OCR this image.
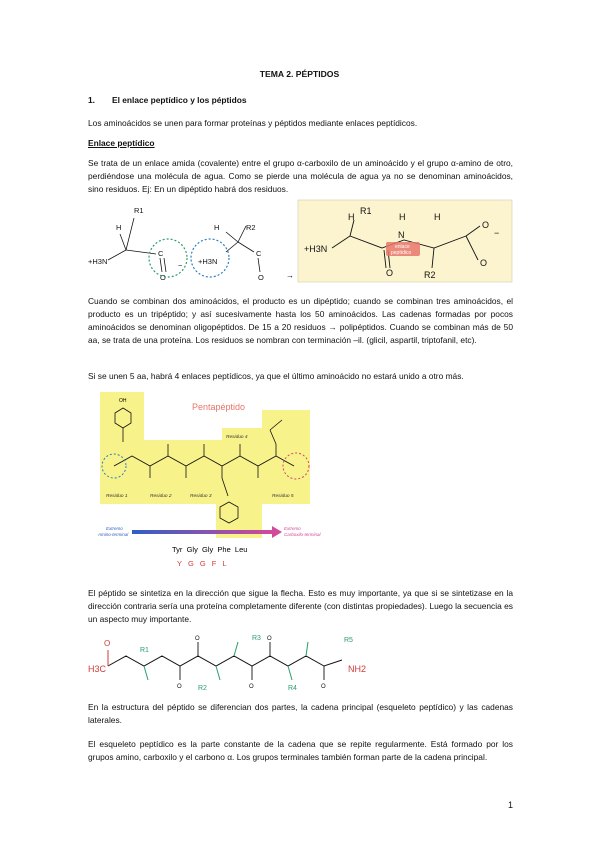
TEMA 2. PÉPTIDOS
1. El enlace peptídico y los péptidos
Los aminoácidos se unen para formar proteínas y péptidos mediante enlaces peptídicos.
Enlace peptídico
Se trata de un enlace amida (covalente) entre el grupo α-carboxilo de un aminoácido y el grupo α-amino de otro, perdiéndose una molécula de agua. Como se pierde una molécula de agua ya no se denominan aminoácidos, sino residuos. Ej: En un dipéptido habrá dos residuos.
H
R1
+H3N
C
O
−
H	R2
+H3N
C
O	→
+H3N
H
R1
O
N
H	H
O
−
O
R2
enlace
peptídico
Cuando se combinan dos aminoácidos, el producto es un dipéptido; cuando se combinan tres aminoácidos, el producto es un tripéptido; y así sucesivamente hasta los 50 aminoácidos. Las cadenas formadas por pocos aminoácidos se denominan oligopéptidos. De 15 a 20 residuos → polipéptidos. Cuando se combinan más de 50 aa, se trata de una proteína. Los residuos se nombran con terminación –il. (glicil, aspartil, triptofanil, etc).
Si se unen 5 aa, habrá 4 enlaces peptídicos, ya que el último aminoácido no estará unido a otro más.
Pentapéptido
OH
Residuo 1	Residuo 2	Residuo 3
Residuo 4
Residuo 5
Extremo
Amino-terminal
Extremo
Carboxilo-terminal
Tyr  Gly  Gly  Phe  Leu
Y G G F L
El péptido se sintetiza en la dirección que sigue la flecha. Esto es muy importante, ya que si se sintetizase en la dirección contraria sería una proteína completamente diferente (con distintas propiedades). Luego la secuencia es un aspecto muy importante.
H3C
O
NH2
R1
R2
R3
R4
R5
O
O
O
O
O
En la estructura del péptido se diferencian dos partes, la cadena principal (esqueleto peptídico) y las cadenas laterales.
El esqueleto peptídico es la parte constante de la cadena que se repite regularmente. Está formado por los grupos amino, carboxilo y el carbono α. Los grupos terminales también forman parte de la cadena principal.
1
